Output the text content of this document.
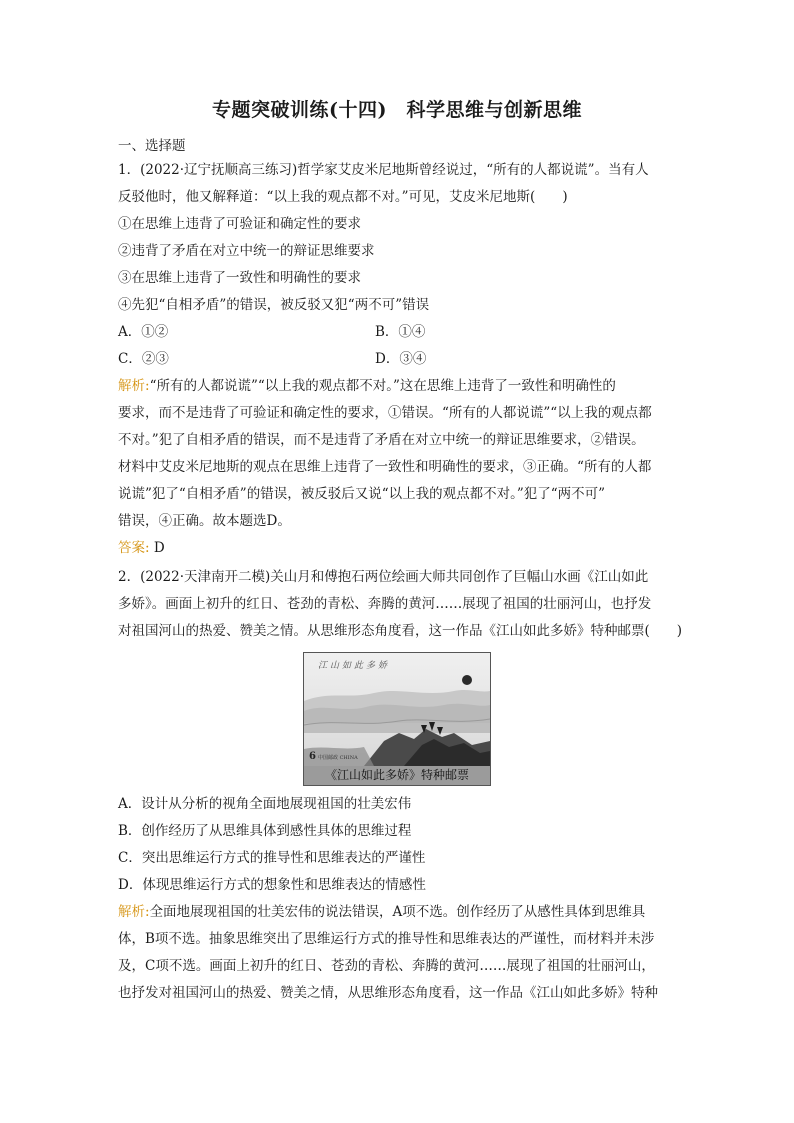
专题突破训练(十四)　科学思维与创新思维
一、选择题
1．(2022·辽宁抚顺高三练习)哲学家艾皮米尼地斯曾经说过，“所有的人都说谎”。当有人
反驳他时，他又解释道：“以上我的观点都不对。”可见，艾皮米尼地斯(　　)
①在思维上违背了可验证和确定性的要求
②违背了矛盾在对立中统一的辩证思维要求
③在思维上违背了一致性和明确性的要求
④先犯“自相矛盾”的错误，被反驳又犯“两不可”错误
A．①②	B．①④
C．②③	D．③④
解析:“所有的人都说谎”“以上我的观点都不对。”这在思维上违背了一致性和明确性的
要求，而不是违背了可验证和确定性的要求，①错误。“所有的人都说谎”“以上我的观点都
不对。”犯了自相矛盾的错误，而不是违背了矛盾在对立中统一的辩证思维要求，②错误。
材料中艾皮米尼地斯的观点在思维上违背了一致性和明确性的要求，③正确。“所有的人都
说谎”犯了“自相矛盾”的错误，被反驳后又说“以上我的观点都不对。”犯了“两不可”
错误，④正确。故本题选D。
答案: D
2．(2022·天津南开二模)关山月和傅抱石两位绘画大师共同创作了巨幅山水画《江山如此
多娇》。画面上初升的红日、苍劲的青松、奔腾的黄河……展现了祖国的壮丽河山，也抒发
对祖国河山的热爱、赞美之情。从思维形态角度看，这一作品《江山如此多娇》特种邮票(　　)
江山如此多娇
6 中国邮政 CHINA
《江山如此多娇》特种邮票
A．设计从分析的视角全面地展现祖国的壮美宏伟
B．创作经历了从思维具体到感性具体的思维过程
C．突出思维运行方式的推导性和思维表达的严谨性
D．体现思维运行方式的想象性和思维表达的情感性
解析:全面地展现祖国的壮美宏伟的说法错误，A项不选。创作经历了从感性具体到思维具
体，B项不选。抽象思维突出了思维运行方式的推导性和思维表达的严谨性，而材料并未涉
及，C项不选。画面上初升的红日、苍劲的青松、奔腾的黄河……展现了祖国的壮丽河山，
也抒发对祖国河山的热爱、赞美之情，从思维形态角度看，这一作品《江山如此多娇》特种
